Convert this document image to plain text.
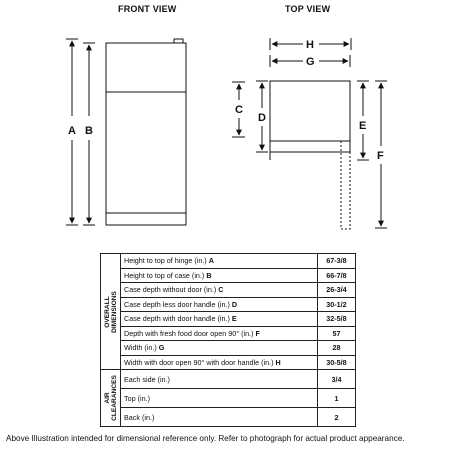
FRONT VIEW	TOP VIEW
A B
H
G
C
D
E
F
OVERALL DIMENSIONS	Height to top of hinge (in.) A	67-3/8
	Height to top of case (in.) B	66-7/8
	Case depth without door (in.) C	26-3/4
	Case depth less door handle (in.) D	30-1/2
	Case depth with door handle (in.) E	32-5/8
	Depth with fresh food door open 90° (in.) F	57
	Width (in.) G	28
	Width with door open 90° with door handle (in.) H	30-5/8

AIR CLEARANCES	Each side (in.)	3/4
	Top (in.)	1
	Back (in.)	2
Above Illustration intended for dimensional reference only. Refer to photograph for actual product appearance.
